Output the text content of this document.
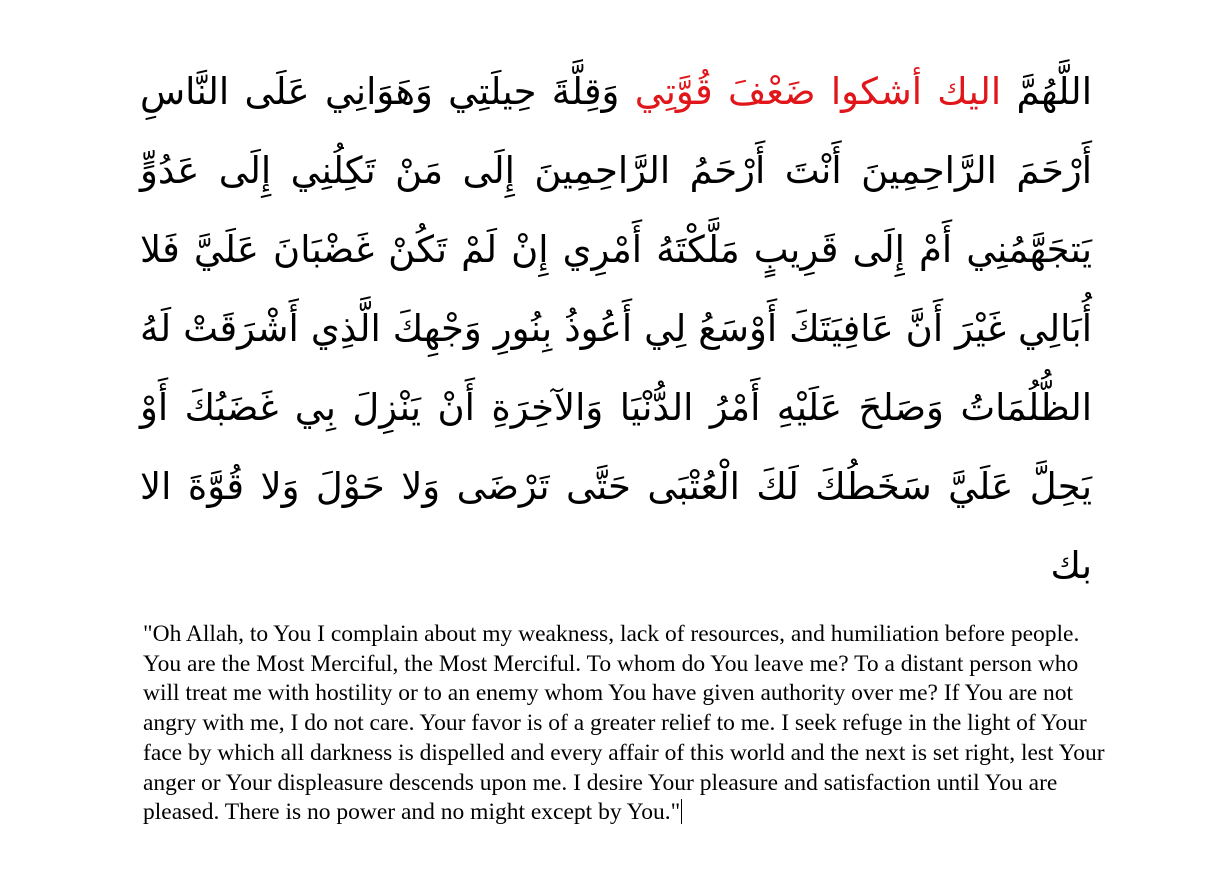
اللَّهُمَّ اليك أشكوا ضَعْفَ قُوَّتِي وَقِلَّةَ حِيلَتِي وَهَوَانِي عَلَى النَّاسِ أَرْحَمَ الرَّاحِمِينَ أَنْتَ أَرْحَمُ الرَّاحِمِينَ إِلَى مَنْ تَكِلُنِي إِلَى عَدُوٍّ يَتجَهَّمُنِي أَمْ إِلَى قَرِيبٍ مَلَّكْتَهُ أَمْرِي إِنْ لَمْ تَكُنْ غَضْبَانَ عَلَيَّ فَلا أُبَالِي غَيْرَ أَنَّ عَافِيَتَكَ أَوْسَعُ لِي أَعُوذُ بِنُورِ وَجْهِكَ الَّذِي أَشْرَقَتْ لَهُ الظُّلُمَاتُ وَصَلحَ عَلَيْهِ أَمْرُ الدُّنْيَا وَالآخِرَةِ أَنْ يَنْزِلَ بِي غَضَبُكَ أَوْ يَحِلَّ عَلَيَّ سَخَطُكَ لَكَ الْعُتْبَى حَتَّى تَرْضَى وَلا حَوْلَ وَلا قُوَّةَ الا بك
"Oh Allah, to You I complain about my weakness, lack of resources, and humiliation before people. You are the Most Merciful, the Most Merciful. To whom do You leave me? To a distant person who will treat me with hostility or to an enemy whom You have given authority over me? If You are not angry with me, I do not care. Your favor is of a greater relief to me. I seek refuge in the light of Your face by which all darkness is dispelled and every affair of this world and the next is set right, lest Your anger or Your displeasure descends upon me. I desire Your pleasure and satisfaction until You are pleased. There is no power and no might except by You."
